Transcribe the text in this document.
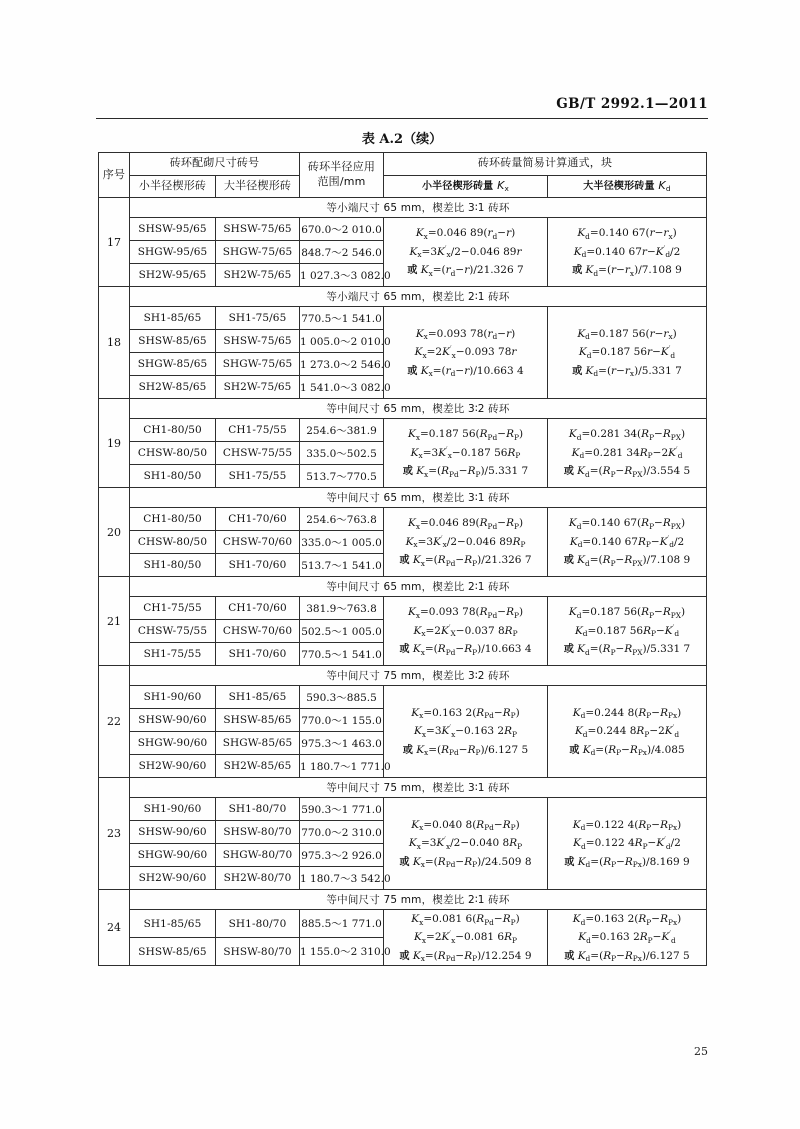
GB/T 2992.1—2011
表 A.2（续）
序号	砖环配砌尺寸砖号		砖环半径应用
范围/mm	砖环砖量简易计算通式，块	
	小半径楔形砖	大半径楔形砖		小半径楔形砖量 $K_x$	大半径楔形砖量 $K_d$
17	等小端尺寸 65 mm，楔差比 3∶1 砖环				
	SHSW-95/65	SHSW-75/65	670.0～2 010.0	$K_x=0.046$ $89(r_d-r)$
$K_x=3K'_x/2-0.046$ 89r
或 $K_x=(r_d-r)/21.326$ 7	$K_d=0.140$ $67(r-r_x)$
$K_d=0.140$ $67r-K'_d/2$
或 $K_d=(r-r_x)/7.108$ 9

	SHGW-95/65	SHGW-75/65	848.7～2 546.0		
	SH2W-95/65	SH2W-75/65	1 027.3～3 082.0		
18	等小端尺寸 65 mm，楔差比 2∶1 砖环				
	SH1-85/65	SH1-75/65	770.5～1 541.0	$K_x=0.093$ $78(r_d-r)$
$K_x=2K'_x-0.093$ 78r
或 $K_x=(r_d-r)/10.663$ 4	$K_d=0.187$ $56(r-r_x)$
$K_d=0.187$ $56r-K'_d$
或 $K_d=(r-r_x)/5.331$ 7

	SHSW-85/65	SHSW-75/65	1 005.0～2 010.0		
	SHGW-85/65	SHGW-75/65	1 273.0～2 546.0		
	SH2W-85/65	SH2W-75/65	1 541.0～3 082.0		
19	等中间尺寸 65 mm，楔差比 3∶2 砖环				
	CH1-80/50	CH1-75/55	254.6～381.9	$K_x=0.187$ $56(R_{Pd}-R_P)$
$K_x=3K'_x-0.187$ $56R_P$
或 $K_x=(R_{Pd}-R_P)/5.331$ 7	$K_d=0.281$ $34(R_P-R_{PX})$
$K_d=0.281$ $34R_P-2K'_d$
或 $K_d=(R_P-R_{PX})/3.554$ 5

	CHSW-80/50	CHSW-75/55	335.0～502.5		
	SH1-80/50	SH1-75/55	513.7～770.5		
20	等中间尺寸 65 mm，楔差比 3∶1 砖环				
	CH1-80/50	CH1-70/60	254.6～763.8	$K_x=0.046$ $89(R_{Pd}-R_P)$
$K_x=3K'_x/2-0.046$ $89R_P$
或 $K_x=(R_{Pd}-R_P)/21.326$ 7	$K_d=0.140$ $67(R_P-R_{PX})$
$K_d=0.140$ $67R_P-K'_d/2$
或 $K_d=(R_P-R_{PX})/7.108$ 9

	CHSW-80/50	CHSW-70/60	335.0～1 005.0		
	SH1-80/50	SH1-70/60	513.7～1 541.0		
21	等中间尺寸 65 mm，楔差比 2∶1 砖环				
	CH1-75/55	CH1-70/60	381.9～763.8	$K_x=0.093$ $78(R_{Pd}-R_P)$
$K_x=2K'_X-0.037$ $8R_P$
或 $K_x=(R_{Pd}-R_P)/10.663$ 4	$K_d=0.187$ $56(R_P-R_{PX})$
$K_d=0.187$ $56R_P-K'_d$
或 $K_d=(R_P-R_{PX})/5.331$ 7

	CHSW-75/55	CHSW-70/60	502.5～1 005.0		
	SH1-75/55	SH1-70/60	770.5～1 541.0		
22	等中间尺寸 75 mm，楔差比 3∶2 砖环				
	SH1-90/60	SH1-85/65	590.3～885.5	$K_x=0.163$ $2(R_{Pd}-R_P)$
$K_x=3K'_x-0.163$ $2R_P$
或 $K_x=(R_{Pd}-R_P)/6.127$ 5	$K_d=0.244$ $8(R_P-R_{Px})$
$K_d=0.244$ $8R_P-2K'_d$
或 $K_d=(R_P-R_{Px})/4.085$

	SHSW-90/60	SHSW-85/65	770.0～1 155.0		
	SHGW-90/60	SHGW-85/65	975.3～1 463.0		
	SH2W-90/60	SH2W-85/65	1 180.7～1 771.0		
23	等中间尺寸 75 mm，楔差比 3∶1 砖环				
	SH1-90/60	SH1-80/70	590.3～1 771.0	$K_x=0.040$ $8(R_{Pd}-R_P)$
$K_x=3K'_x/2-0.040$ $8R_P$
或 $K_x=(R_{Pd}-R_P)/24.509$ 8	$K_d=0.122$ $4(R_P-R_{Px})$
$K_d=0.122$ $4R_P-K'_d/2$
或 $K_d=(R_P-R_{Px})/8.169$ 9

	SHSW-90/60	SHSW-80/70	770.0～2 310.0		
	SHGW-90/60	SHGW-80/70	975.3～2 926.0		
	SH2W-90/60	SH2W-80/70	1 180.7～3 542.0		
24	等中间尺寸 75 mm，楔差比 2∶1 砖环				
	SH1-85/65	SH1-80/70	885.5～1 771.0	$K_x=0.081$ $6(R_{Pd}-R_P)$
$K_x=2K'_x-0.081$ $6R_P$
或 $K_x=(R_{Pd}-R_P)/12.254$ 9	$K_d=0.163$ $2(R_P-R_{Px})$
$K_d=0.163$ $2R_P-K'_d$
或 $K_d=(R_P-R_{Px})/6.127$ 5

	SHSW-85/65	SHSW-80/70	1 155.0～2 310.0		
25
